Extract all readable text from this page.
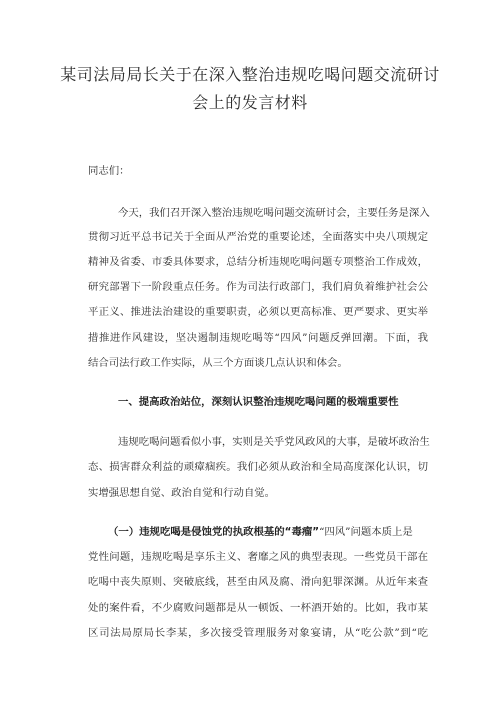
某司法局局长关于在深入整治违规吃喝问题交流研讨
会上的发言材料
同志们：
今天，我们召开深入整治违规吃喝问题交流研讨会，主要任务是深入
贯彻习近平总书记关于全面从严治党的重要论述，全面落实中央八项规定
精神及省委、市委具体要求，总结分析违规吃喝问题专项整治工作成效，
研究部署下一阶段重点任务。作为司法行政部门，我们肩负着维护社会公
平正义、推进法治建设的重要职责，必须以更高标准、更严要求、更实举
措推进作风建设，坚决遏制违规吃喝等“四风”问题反弹回潮。下面，我
结合司法行政工作实际，从三个方面谈几点认识和体会。
一、提高政治站位，深刻认识整治违规吃喝问题的极端重要性
违规吃喝问题看似小事，实则是关乎党风政风的大事，是破坏政治生
态、损害群众利益的顽瘴痼疾。我们必须从政治和全局高度深化认识，切
实增强思想自觉、政治自觉和行动自觉。
（一）违规吃喝是侵蚀党的执政根基的“毒瘤”“四风”问题本质上是
党性问题，违规吃喝是享乐主义、奢靡之风的典型表现。一些党员干部在
吃喝中丧失原则、突破底线，甚至由风及腐、滑向犯罪深渊。从近年来查
处的案件看，不少腐败问题都是从一顿饭、一杯酒开始的。比如，我市某
区司法局原局长李某，多次接受管理服务对象宴请，从“吃公款”到“吃
